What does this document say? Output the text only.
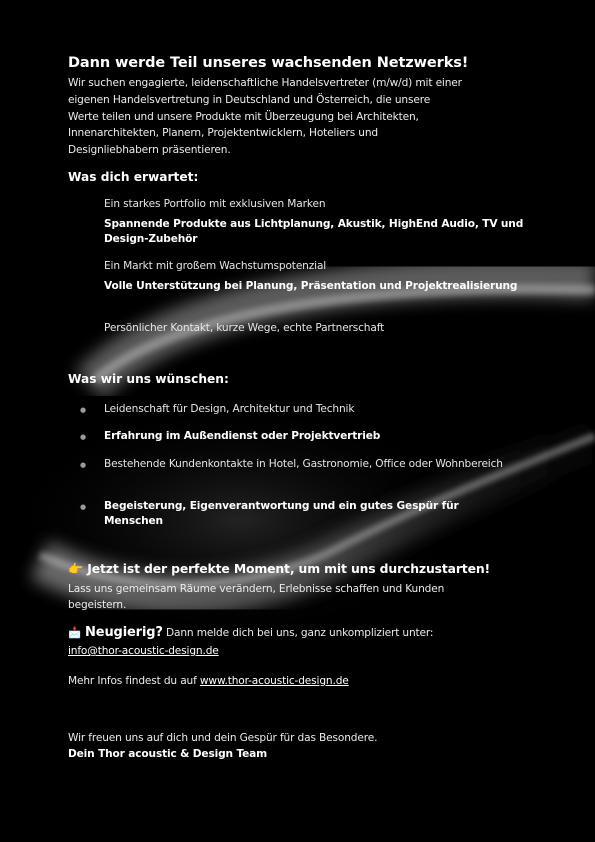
Dann werde Teil unseres wachsenden Netzwerks!
Wir suchen engagierte, leidenschaftliche Handelsvertreter (m/w/d) mit einer
eigenen Handelsvertretung in Deutschland und Österreich, die unsere
Werte teilen und unsere Produkte mit Überzeugung bei Architekten,
Innenarchitekten, Planern, Projektentwicklern, Hoteliers und
Designliebhabern präsentieren.
Was dich erwartet:
Ein starkes Portfolio mit exklusiven Marken
Spannende Produkte aus Lichtplanung, Akustik, HighEnd Audio, TV und Design-Zubehör
Ein Markt mit großem Wachstumspotenzial
Volle Unterstützung bei Planung, Präsentation und Projektrealisierung
Persönlicher Kontakt, kurze Wege, echte Partnerschaft
Was wir uns wünschen:
● Leidenschaft für Design, Architektur und Technik
● Erfahrung im Außendienst oder Projektvertrieb
● Bestehende Kundenkontakte in Hotel, Gastronomie, Office oder Wohnbereich
● Begeisterung, Eigenverantwortung und ein gutes Gespür für Menschen
👉 Jetzt ist der perfekte Moment, um mit uns durchzustarten!
Lass uns gemeinsam Räume verändern, Erlebnisse schaffen und Kunden
begeistern.
📩 Neugierig? Dann melde dich bei uns, ganz unkompliziert unter:
info@thor-acoustic-design.de
Mehr Infos findest du auf www.thor-acoustic-design.de
Wir freuen uns auf dich und dein Gespür für das Besondere.
Dein Thor acoustic & Design Team
